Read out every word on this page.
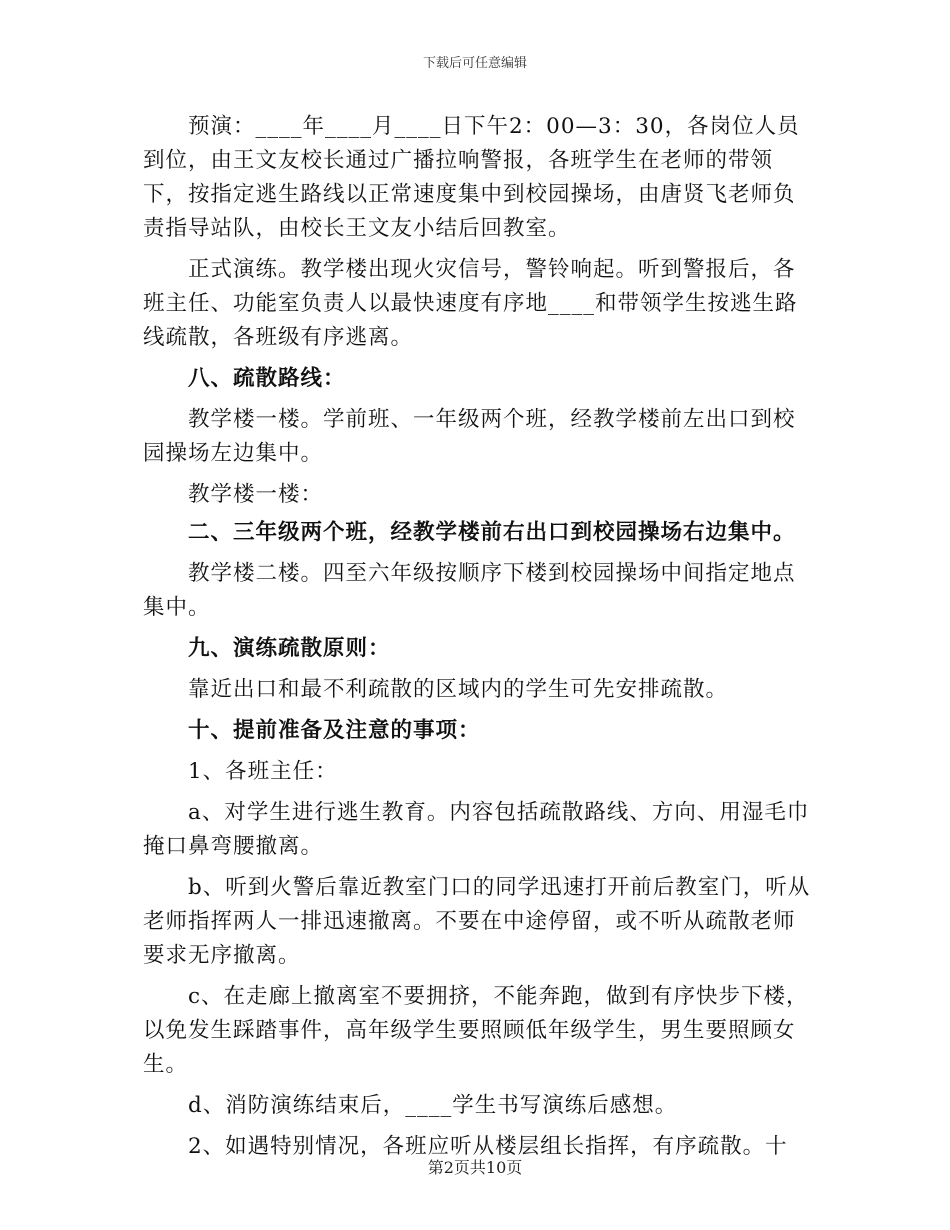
下载后可任意编辑

预演：____年____月____日下午2：00—3：30，各岗位人员到位，由王文友校长通过广播拉响警报，各班学生在老师的带领下，按指定逃生路线以正常速度集中到校园操场，由唐贤飞老师负责指导站队，由校长王文友小结后回教室。

正式演练。教学楼出现火灾信号，警铃响起。听到警报后，各班主任、功能室负责人以最快速度有序地____和带领学生按逃生路线疏散，各班级有序逃离。

八、疏散路线：

教学楼一楼。学前班、一年级两个班，经教学楼前左出口到校园操场左边集中。

教学楼一楼：

二、三年级两个班，经教学楼前右出口到校园操场右边集中。

教学楼二楼。四至六年级按顺序下楼到校园操场中间指定地点集中。

九、演练疏散原则：

靠近出口和最不利疏散的区域内的学生可先安排疏散。

十、提前准备及注意的事项：

1、各班主任：

a、对学生进行逃生教育。内容包括疏散路线、方向、用湿毛巾掩口鼻弯腰撤离。

b、听到火警后靠近教室门口的同学迅速打开前后教室门，听从老师指挥两人一排迅速撤离。不要在中途停留，或不听从疏散老师要求无序撤离。

c、在走廊上撤离室不要拥挤，不能奔跑，做到有序快步下楼，以免发生踩踏事件，高年级学生要照顾低年级学生，男生要照顾女生。

d、消防演练结束后，____学生书写演练后感想。

2、如遇特别情况，各班应听从楼层组长指挥，有序疏散。十

第2页共10页
